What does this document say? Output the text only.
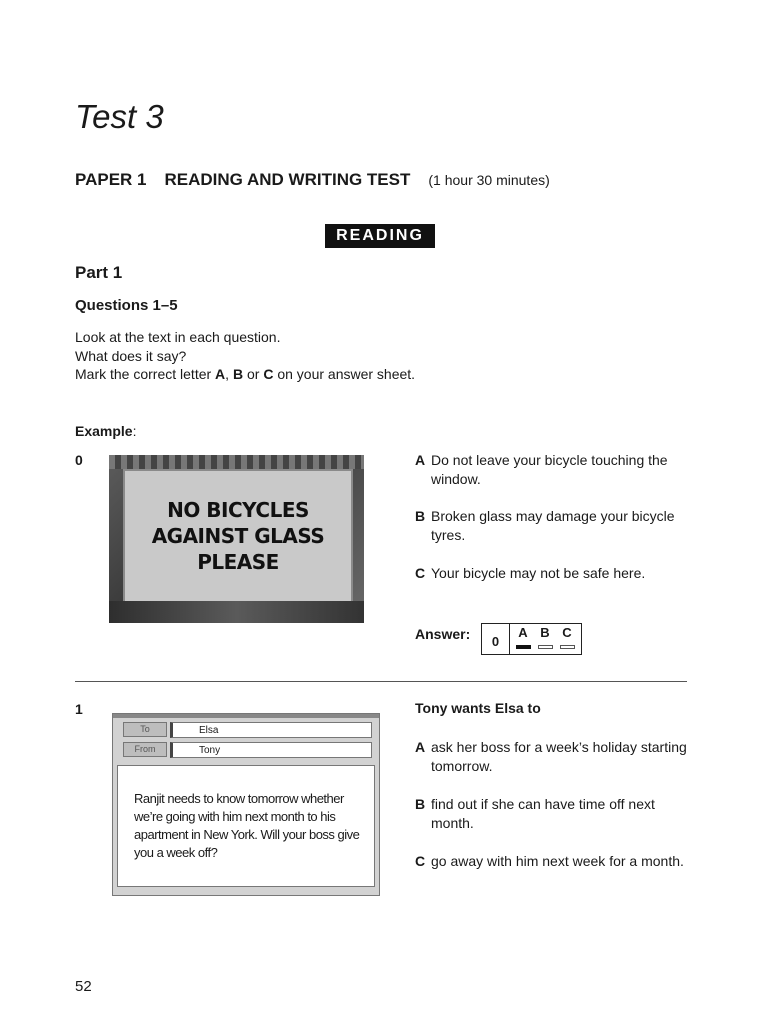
Test 3
PAPER 1 READING AND WRITING TEST (1 hour 30 minutes)
READING
Part 1
Questions 1–5
Look at the text in each question.
What does it say?
Mark the correct letter A, B or C on your answer sheet.
Example:
0
NO BICYCLES
AGAINST GLASS
PLEASE
A Do not leave your bicycle touching the window.
B Broken glass may damage your bicycle tyres.
C Your bicycle may not be safe here.
Answer:	0
A B C
1
To	Elsa
From	Tony
Ranjit needs to know tomorrow whether we’re going with him next month to his apartment in New York. Will your boss give you a week off?
Tony wants Elsa to
A ask her boss for a week’s holiday starting tomorrow.
B find out if she can have time off next month.
C go away with him next week for a month.
52
